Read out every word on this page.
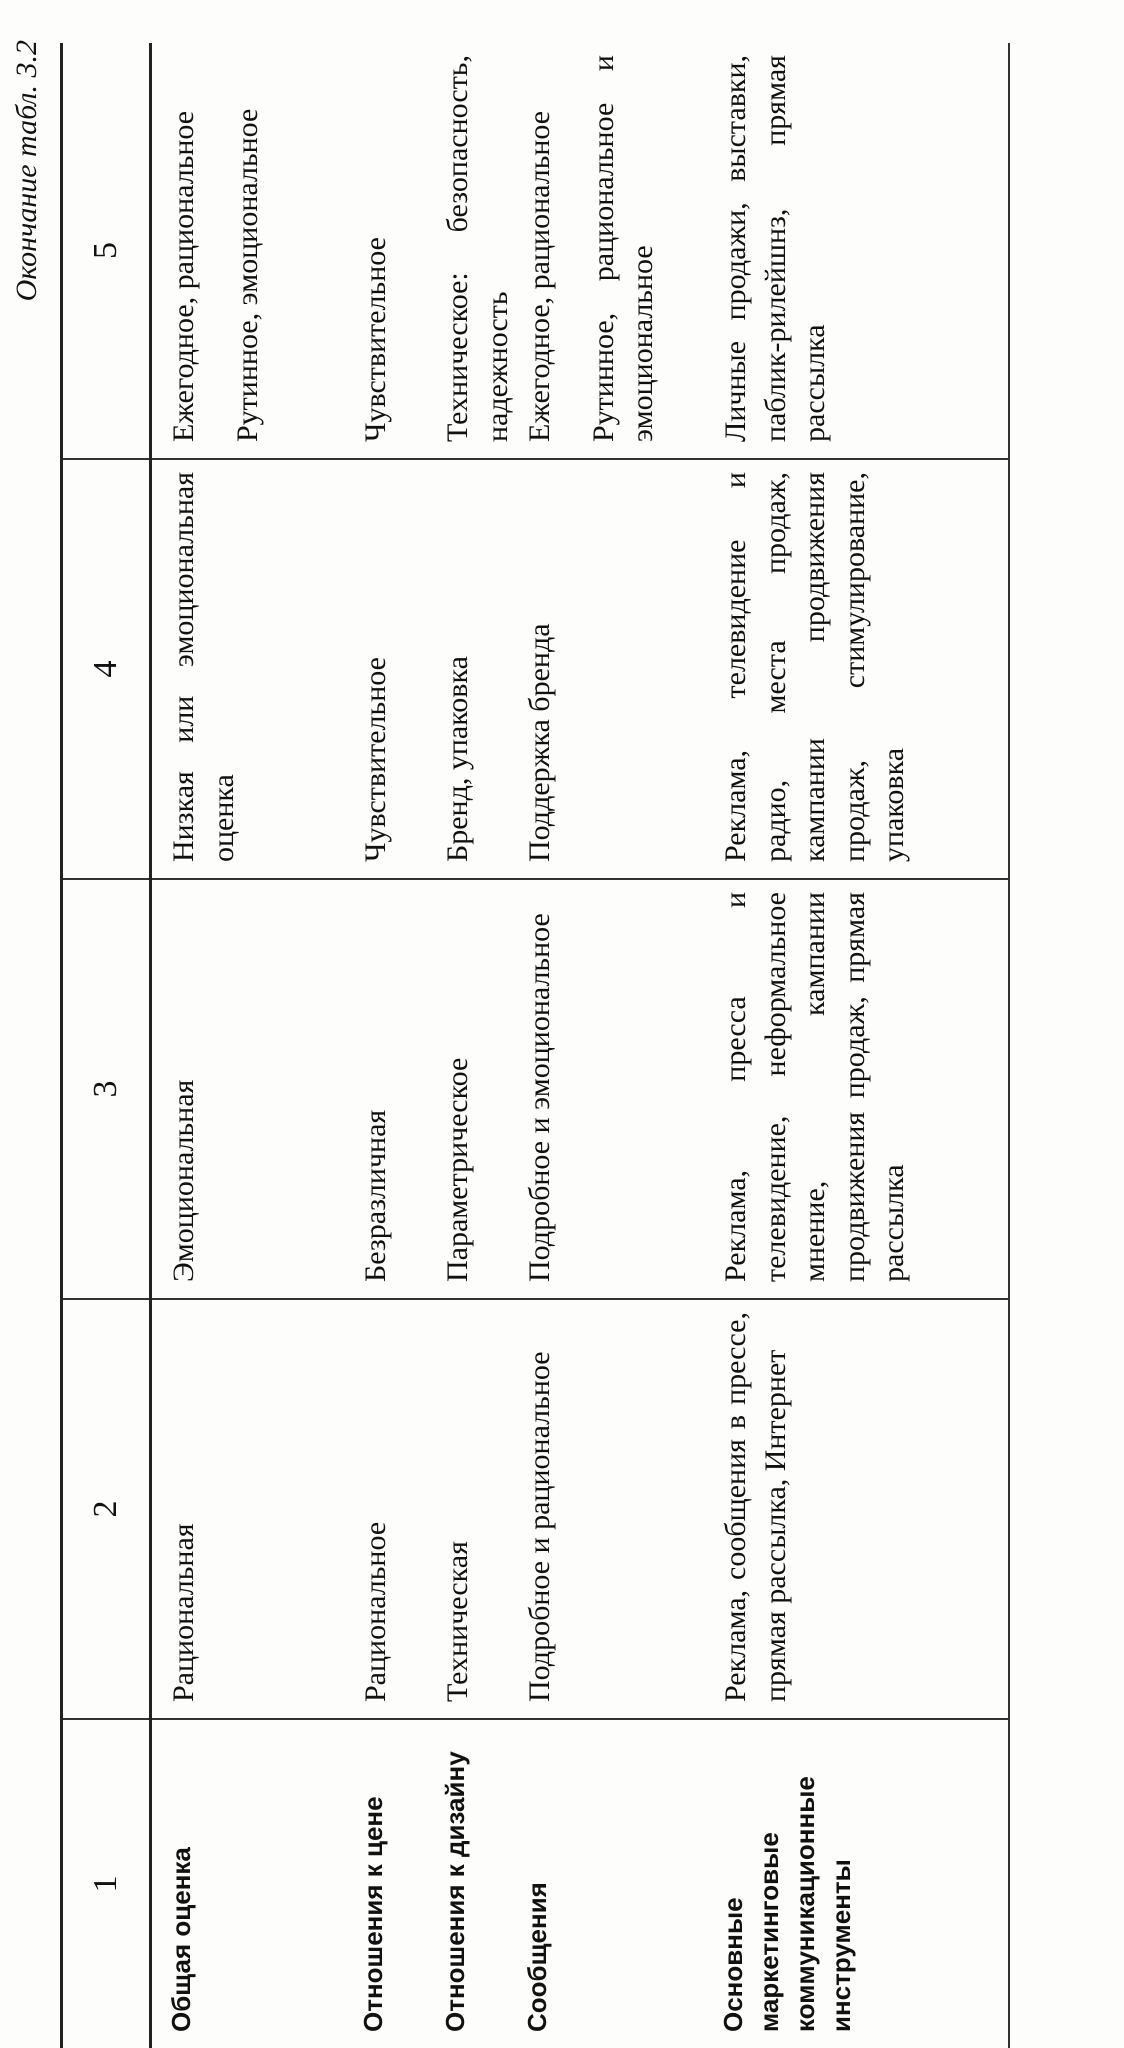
Окончание табл. 3.2
1
2
3
4
5
Общая оценка
Рациональная
Эмоциональная
Низкая или эмоциональная оценка
Ежегодное, рациональное Рутинное, эмоциональное
Отношения к цене
Рациональное
Безразличная
Чувствительное
Чувствительное
Отношения к дизайну
Техническая
Параметрическое
Бренд, упаковка
Техническое: безопасность, надежность
Сообщения
Подробное и рациональное
Подробное и эмоциональное
Поддержка бренда
Ежегодное, рациональное Рутинное, рациональное и эмоциональное
Основные маркетинговые коммуникационные инструменты
Реклама, сообщения в прессе, прямая рассылка, Интернет
Реклама, пресса и телевидение, неформальное мнение, кампании продвижения продаж, прямая рассылка
Реклама, телевидение и радио, места продаж, кампании продвижения продаж, стимулирование, упаковка
Личные продажи, выставки, паблик-рилейшнз, прямая рассылка
